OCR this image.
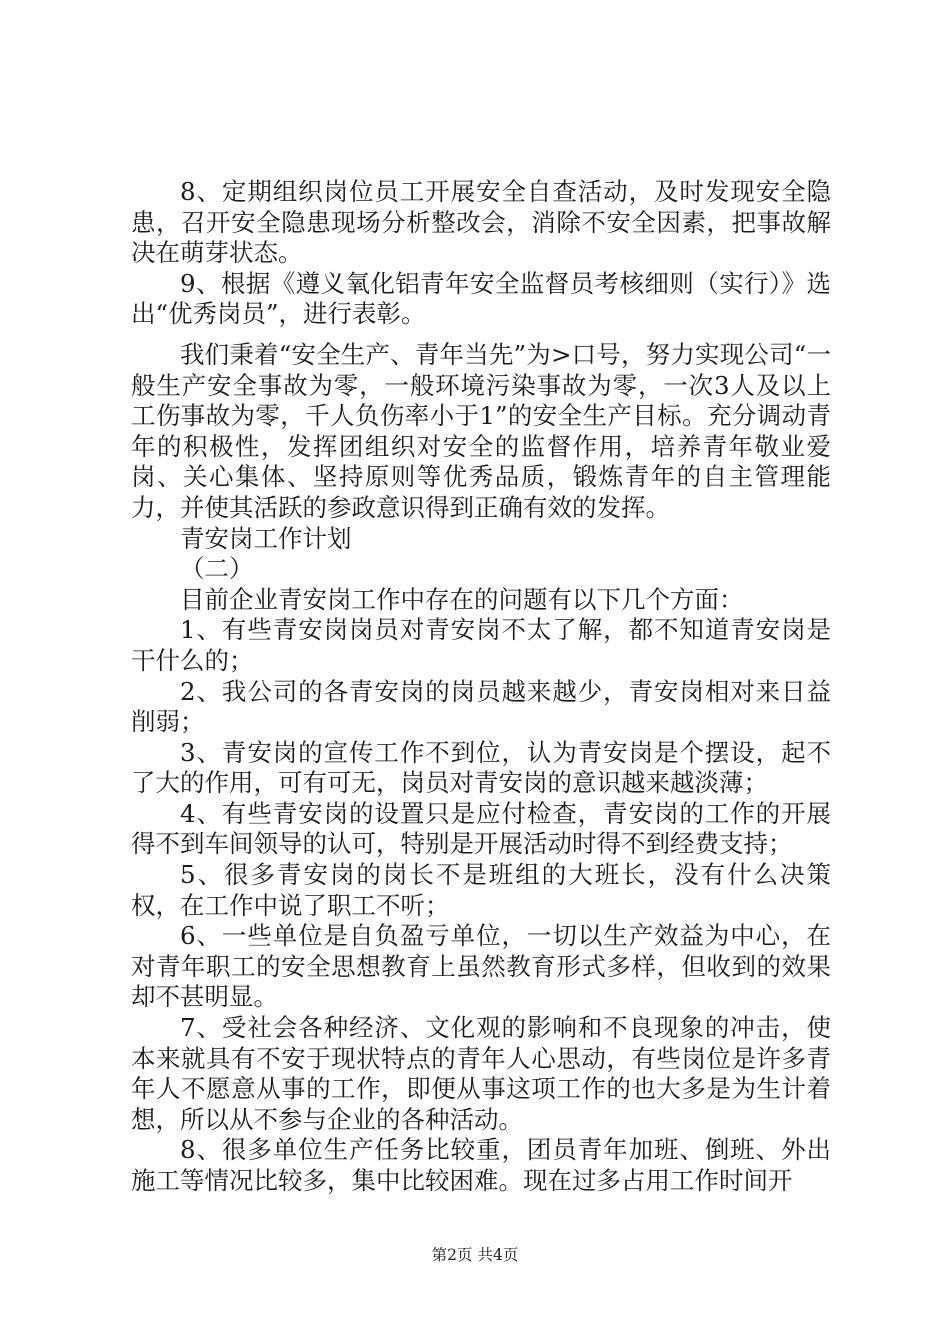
8、定期组织岗位员工开展安全自查活动，及时发现安全隐患，召开安全隐患现场分析整改会，消除不安全因素，把事故解决在萌芽状态。

9、根据《遵义氧化铝青年安全监督员考核细则（实行）》选出“优秀岗员”，进行表彰。

我们秉着“安全生产、青年当先”为>口号，努力实现公司“一般生产安全事故为零，一般环境污染事故为零，一次3人及以上工伤事故为零，千人负伤率小于1”的安全生产目标。充分调动青年的积极性，发挥团组织对安全的监督作用，培养青年敬业爱岗、关心集体、坚持原则等优秀品质，锻炼青年的自主管理能力，并使其活跃的参政意识得到正确有效的发挥。

青安岗工作计划

（二）

目前企业青安岗工作中存在的问题有以下几个方面：

1、有些青安岗岗员对青安岗不太了解，都不知道青安岗是干什么的；

2、我公司的各青安岗的岗员越来越少，青安岗相对来日益削弱；

3、青安岗的宣传工作不到位，认为青安岗是个摆设，起不了大的作用，可有可无，岗员对青安岗的意识越来越淡薄；

4、有些青安岗的设置只是应付检查，青安岗的工作的开展得不到车间领导的认可，特别是开展活动时得不到经费支持；

5、很多青安岗的岗长不是班组的大班长，没有什么决策权，在工作中说了职工不听；

6、一些单位是自负盈亏单位，一切以生产效益为中心，在对青年职工的安全思想教育上虽然教育形式多样，但收到的效果却不甚明显。

7、受社会各种经济、文化观的影响和不良现象的冲击，使本来就具有不安于现状特点的青年人心思动，有些岗位是许多青年人不愿意从事的工作，即便从事这项工作的也大多是为生计着想，所以从不参与企业的各种活动。

8、很多单位生产任务比较重，团员青年加班、倒班、外出施工等情况比较多，集中比较困难。现在过多占用工作时间开

第2页 共4页
